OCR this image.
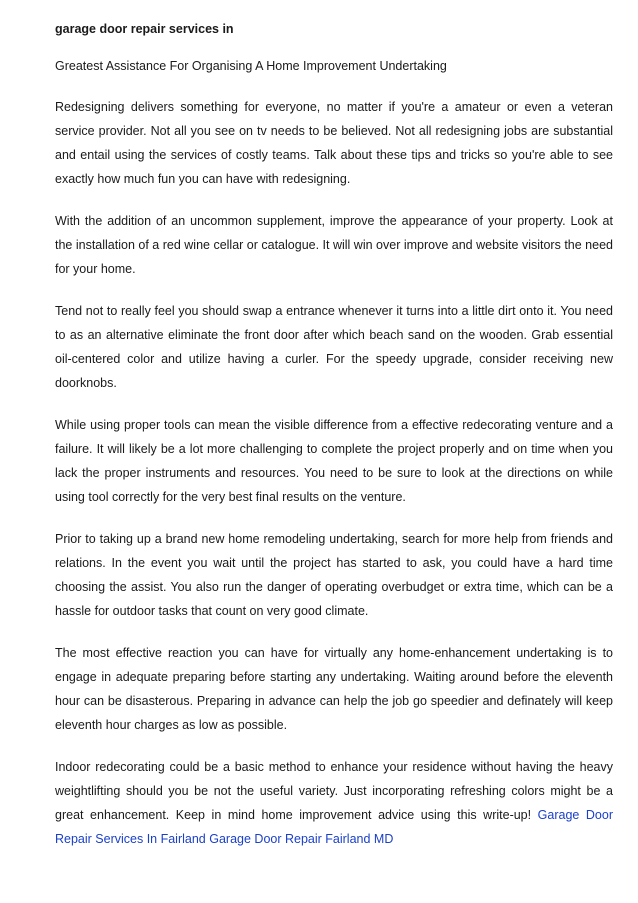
garage door repair services in
Greatest Assistance For Organising A Home Improvement Undertaking

Redesigning delivers something for everyone, no matter if you're a amateur or even a veteran service provider. Not all you see on tv needs to be believed. Not all redesigning jobs are substantial and entail using the services of costly teams. Talk about these tips and tricks so you're able to see exactly how much fun you can have with redesigning.

With the addition of an uncommon supplement, improve the appearance of your property. Look at the installation of a red wine cellar or catalogue. It will win over improve and website visitors the need for your home.

Tend not to really feel you should swap a entrance whenever it turns into a little dirt onto it. You need to as an alternative eliminate the front door after which beach sand on the wooden. Grab essential oil-centered color and utilize having a curler. For the speedy upgrade, consider receiving new doorknobs.

While using proper tools can mean the visible difference from a effective redecorating venture and a failure. It will likely be a lot more challenging to complete the project properly and on time when you lack the proper instruments and resources. You need to be sure to look at the directions on while using tool correctly for the very best final results on the venture.

Prior to taking up a brand new home remodeling undertaking, search for more help from friends and relations. In the event you wait until the project has started to ask, you could have a hard time choosing the assist. You also run the danger of operating overbudget or extra time, which can be a hassle for outdoor tasks that count on very good climate.

The most effective reaction you can have for virtually any home-enhancement undertaking is to engage in adequate preparing before starting any undertaking. Waiting around before the eleventh hour can be disasterous. Preparing in advance can help the job go speedier and definately will keep eleventh hour charges as low as possible.

Indoor redecorating could be a basic method to enhance your residence without having the heavy weightlifting should you be not the useful variety. Just incorporating refreshing colors might be a great enhancement. Keep in mind home improvement advice using this write-up! Garage Door Repair Services In Fairland Garage Door Repair Fairland MD
